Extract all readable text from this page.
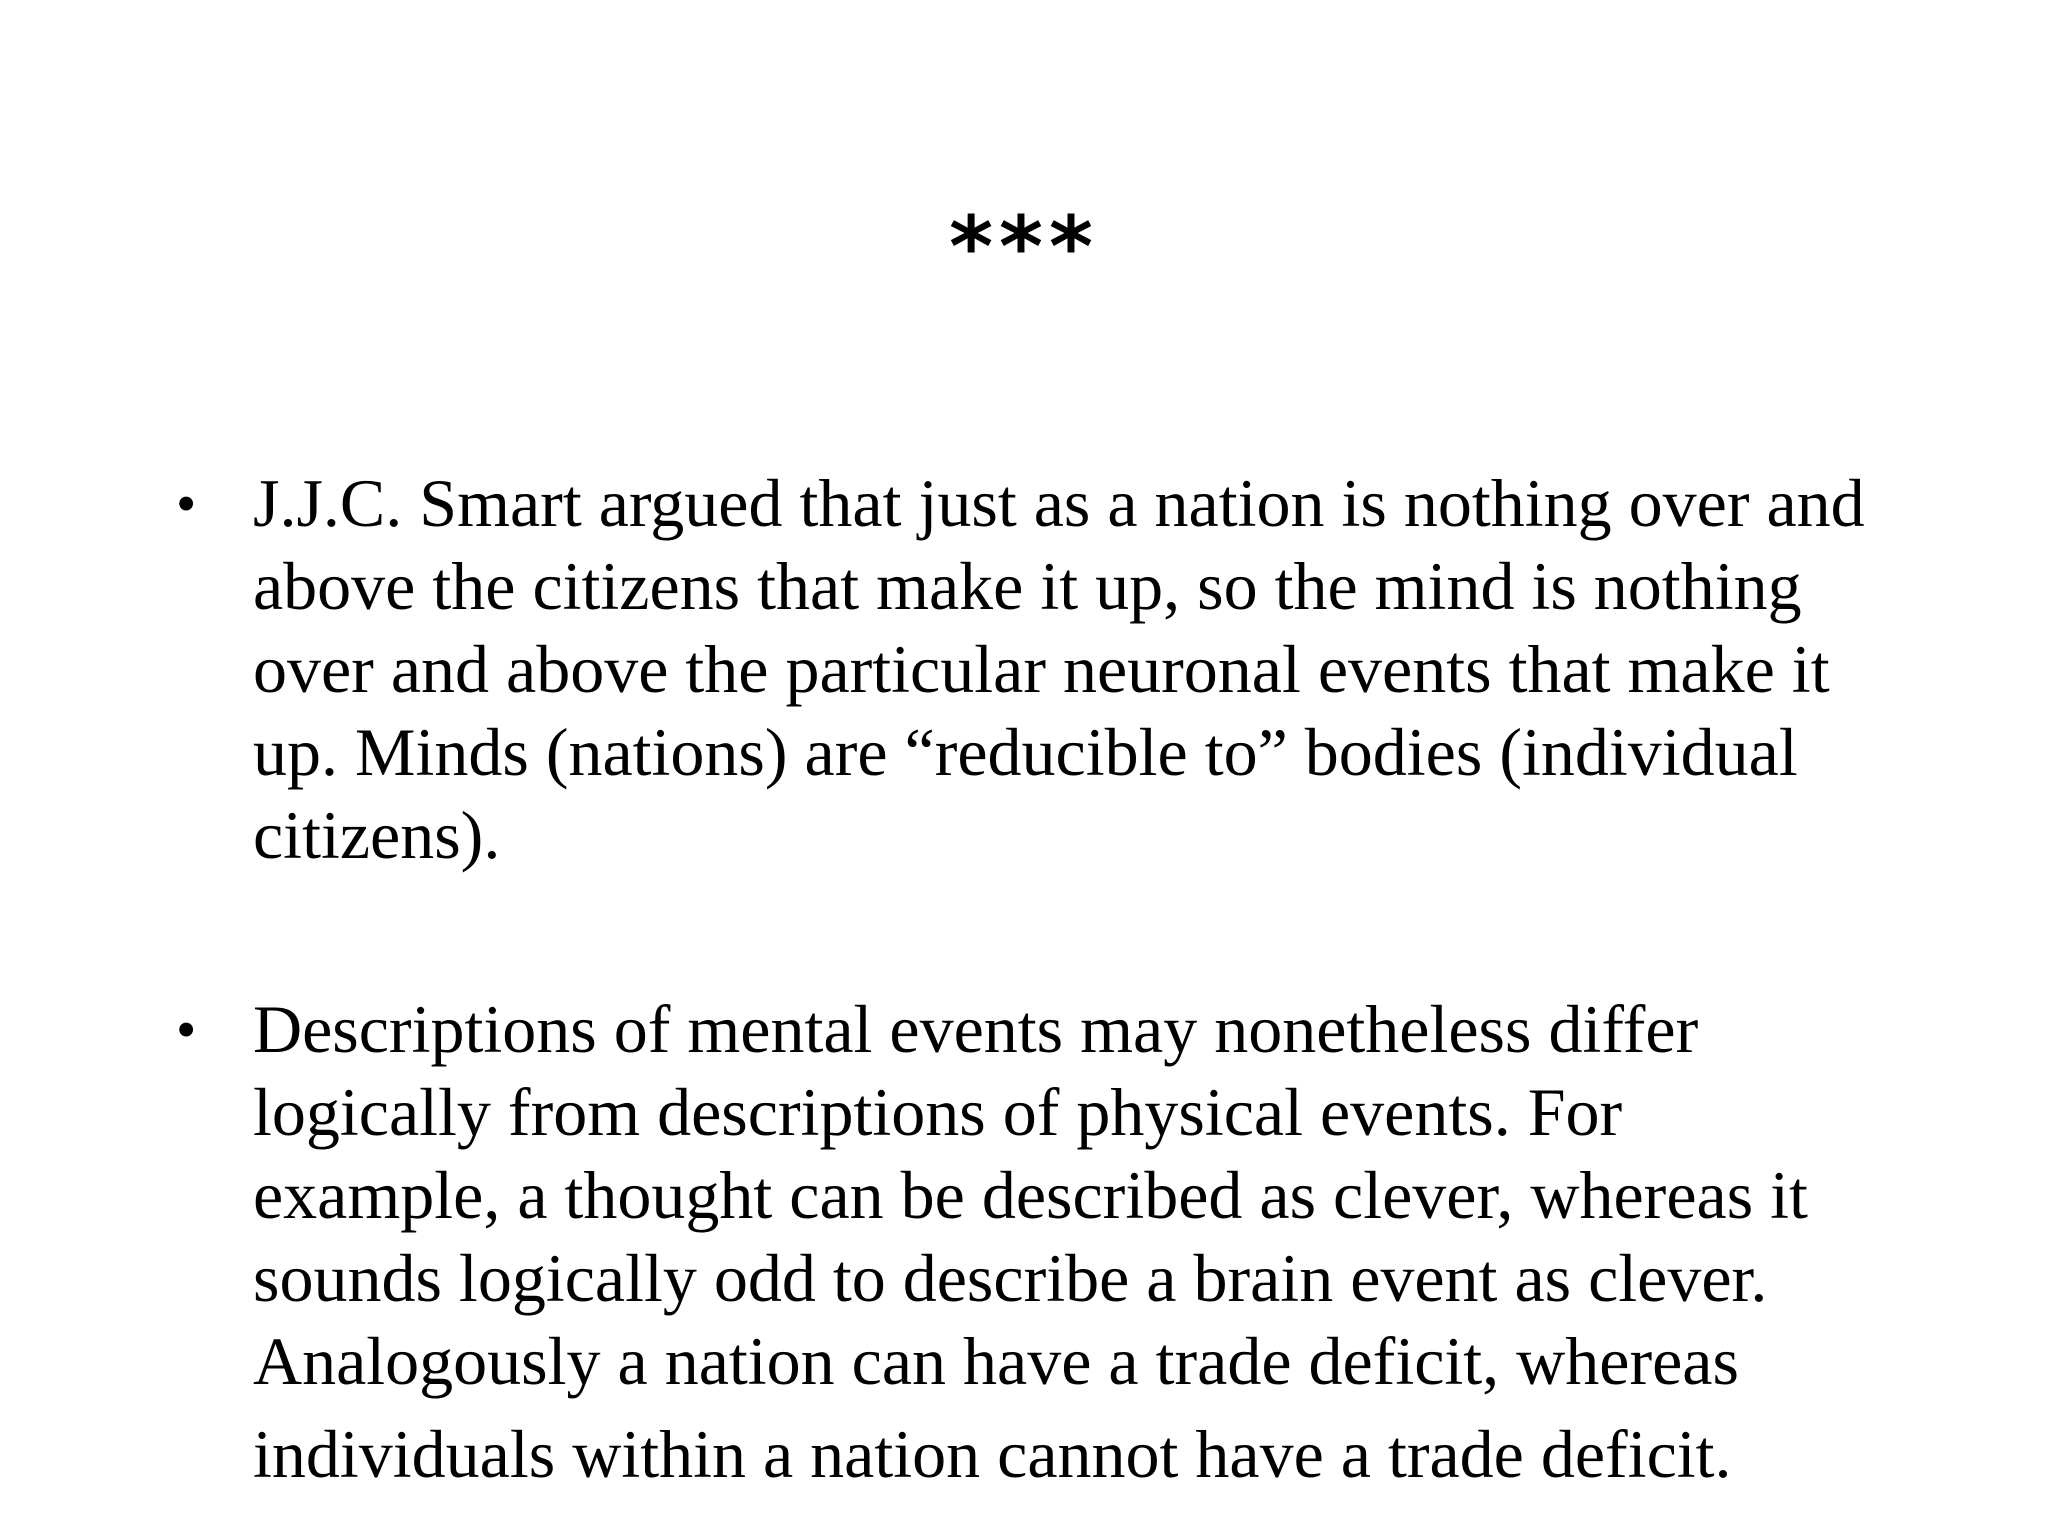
***
• J.J.C. Smart argued that just as a nation is nothing over and
above the citizens that make it up, so the mind is nothing
over and above the particular neuronal events that make it
up. Minds (nations) are “reducible to” bodies (individual
citizens).
• Descriptions of mental events may nonetheless differ
logically from descriptions of physical events. For
example, a thought can be described as clever, whereas it
sounds logically odd to describe a brain event as clever.
Analogously a nation can have a trade deficit, whereas
individuals within a nation cannot have a trade deficit.
